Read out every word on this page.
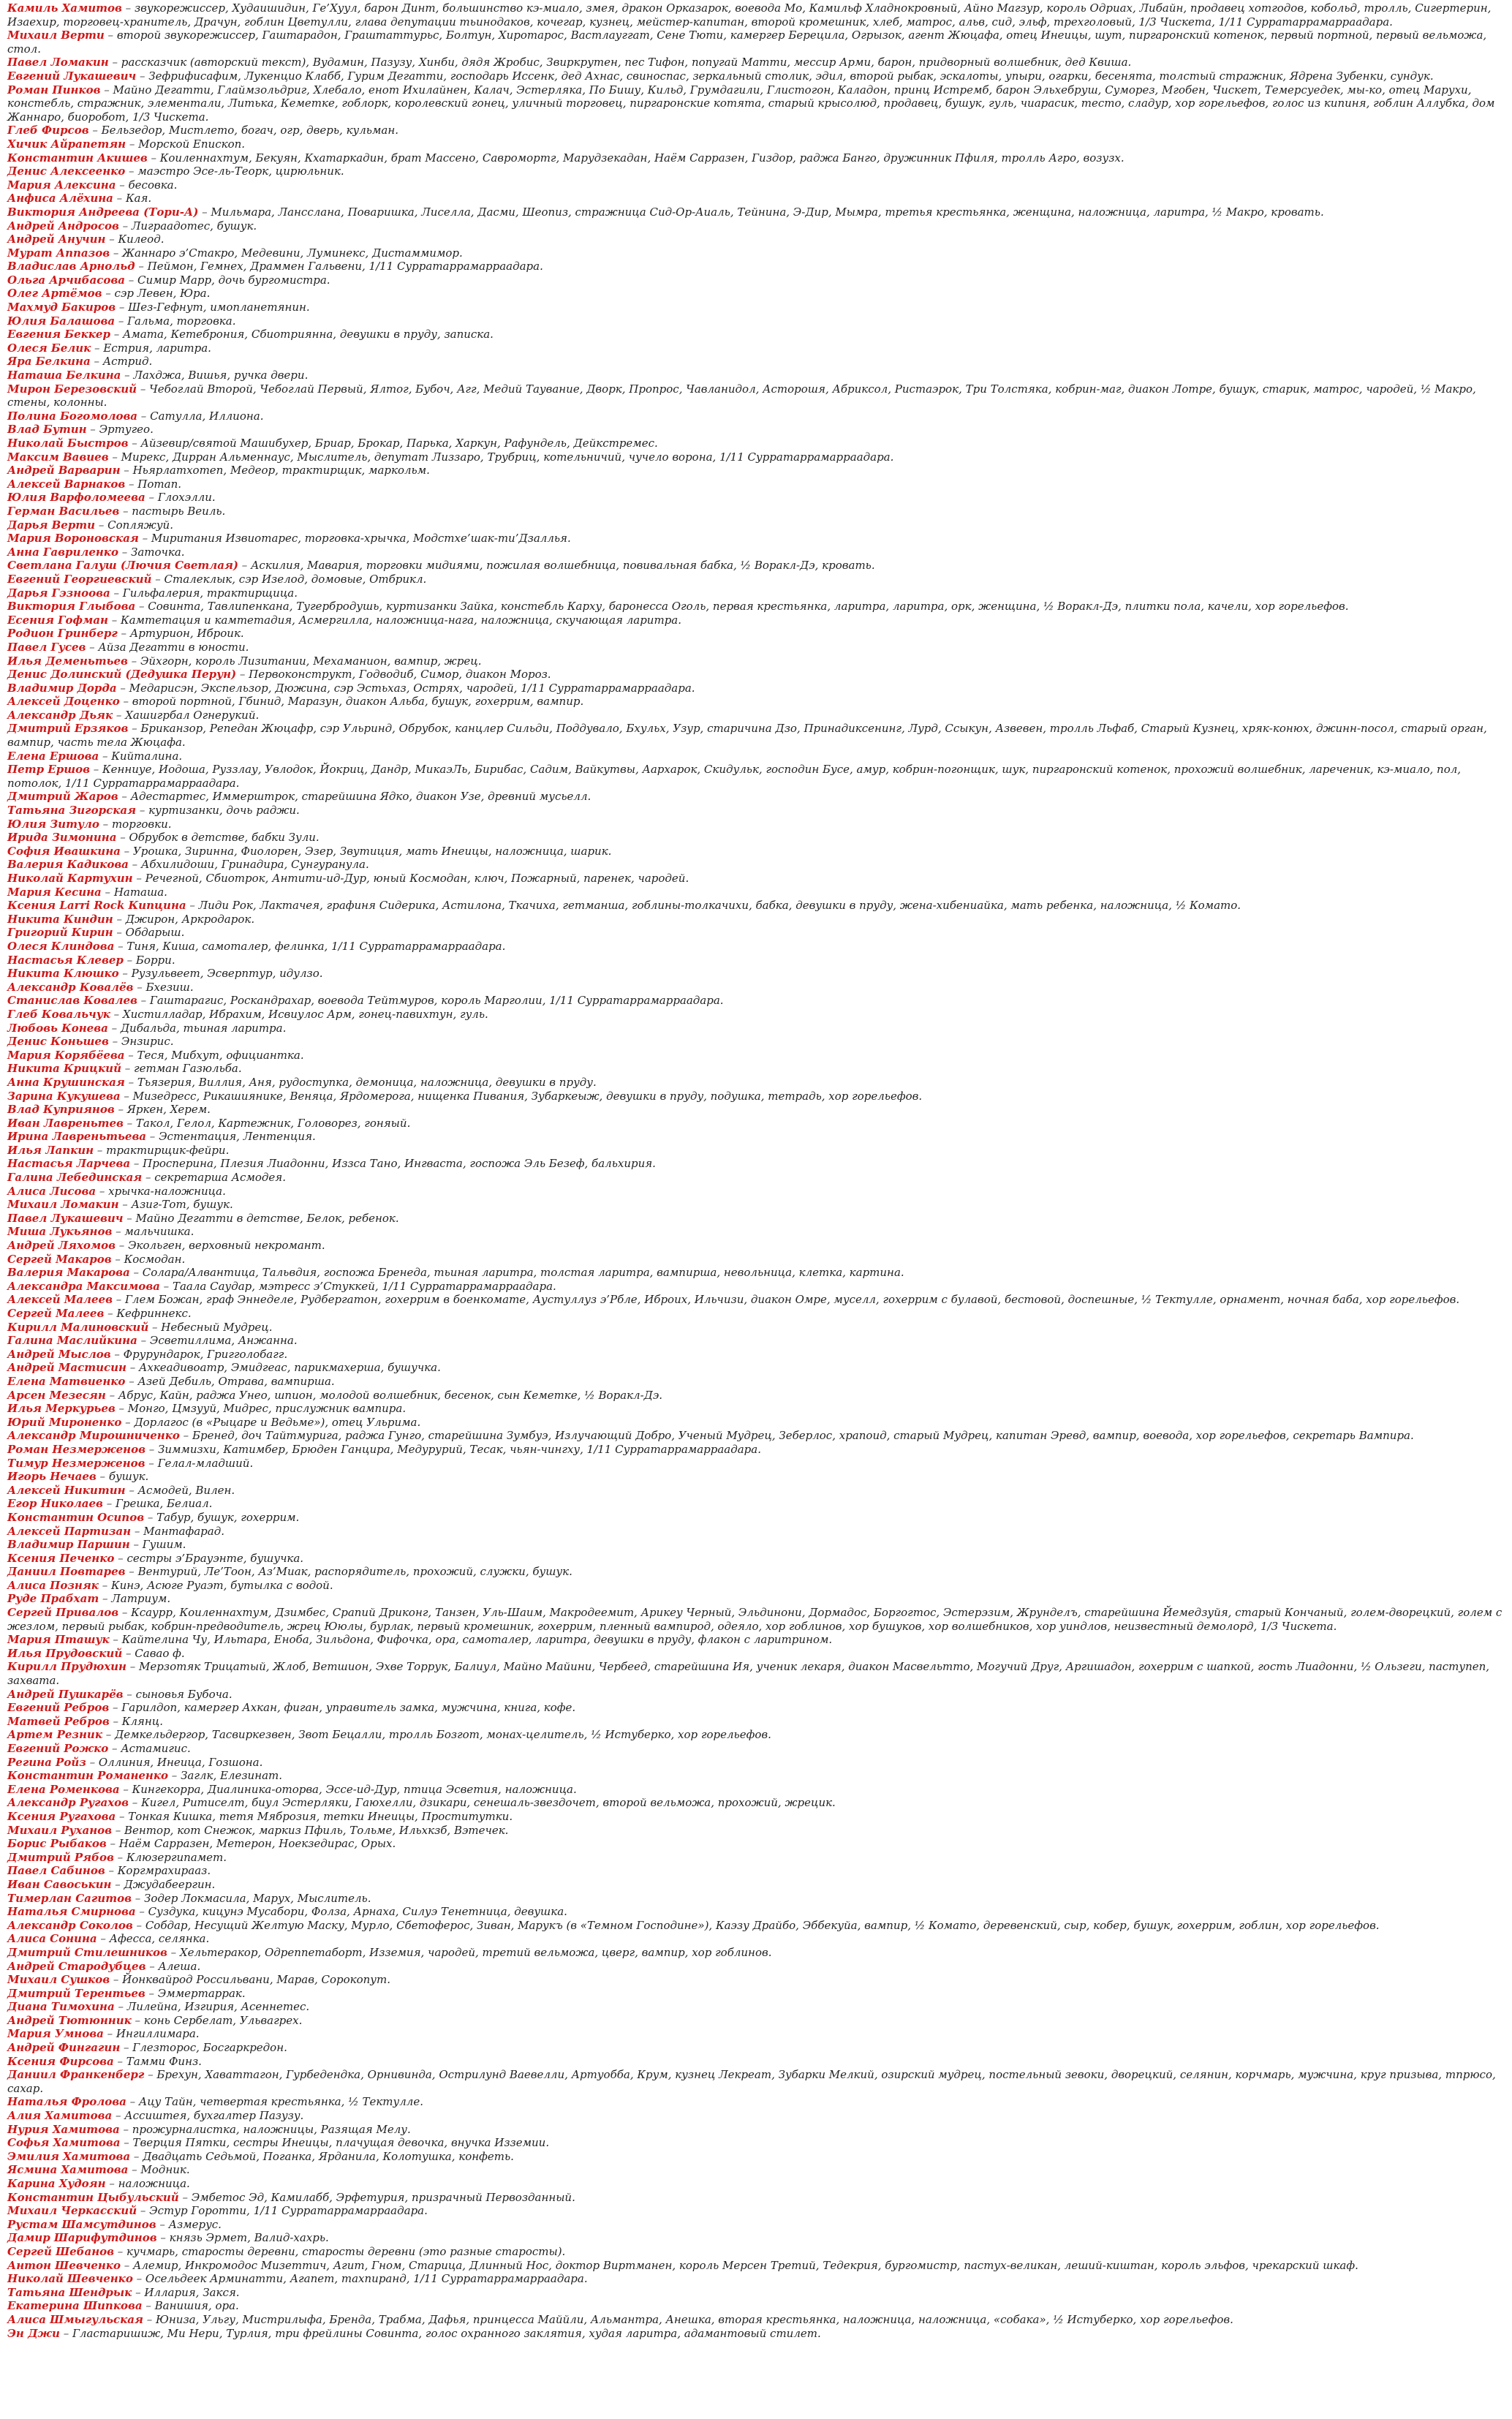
Камиль Хамитов – звукорежиссер, Худаишидин, Ге’Хуул, барон Динт, большинство кэ-миало, змея, дракон Орказарок, воевода Мо, Камильф Хладнокровный, Айно Магзур, король Одриах, Либайн, продавец хотгодов, кобольд, тролль, Сигертерин, Изаехир, торговец-хранитель, Драчун, гоблин Цветулли, глава депутации тьинодаков, кочегар, кузнец, мейстер-капитан, второй кромешник, хлеб, матрос, альв, сид, эльф, трехголовый, 1/3 Чискета, 1/11 Сурратаррамарраадара.

Михаил Верти – второй звукорежиссер, Гаштарадон, Граштаттурьс, Болтун, Хиротарос, Вастлауггат, Сене Тюти, камергер Берецила, Огрызок, агент Жюцафа, отец Инеицы, шут, пиргаронский котенок, первый портной, первый вельможа, стол.

Павел Ломакин – рассказчик (авторский текст), Вудамин, Пазузу, Хинби, дядя Жробис, Звиркрутен, пес Тифон, попугай Матти, мессир Арми, барон, придворный волшебник, дед Квиша.

Евгений Лукашевич – Зефрифисафим, Лукенцио Клабб, Гурим Дегатти, господарь Иссенк, дед Ахнас, свиноспас, зеркальный столик, эдил, второй рыбак, эскалоты, упыри, огарки, бесенята, толстый стражник, Ядрена Зубенки, сундук.

Роман Пинков – Майно Дегатти, Глаймзольдриг, Хлебало, енот Ихилайнен, Калач, Эстерляка, По Бишу, Кильд, Грумдагили, Глистогон, Каладон, принц Истремб, барон Эльхебруш, Суморез, Мгобен, Чискет, Темерсуедек, мы-ко, отец Марухи, констебль, стражник, элементали, Литька, Кеметке, гоблорк, королевский гонец, уличный торговец, пиргаронские котята, старый крысолюд, продавец, бушук, гуль, чиарасик, тесто, сладур, хор горельефов, голос из кипиня, гоблин Аллубка, дом Жаннаро, биоробот, 1/3 Чискета.

Глеб Фирсов – Бельзедор, Мистлето, богач, огр, дверь, кульман.

Хичик Айрапетян – Морской Епископ.

Константин Акишев – Коиленнахтум, Бекуян, Кхатаркадин, брат Массено, Савромортг, Марудзекадан, Наём Сарразен, Гиздор, раджа Банго, дружинник Пфиля, тролль Агро, возузх.

Денис Алексеенко – маэстро Эсе-ль-Теорк, цирюльник.

Мария Алексина – бесовка.

Анфиса Алёхина – Кая.

Виктория Андреева (Тори-А) – Мильмара, Лансслана, Поваришка, Лиселла, Дасми, Шеопиз, стражница Сид-Ор-Аиаль, Тейнина, Э-Дир, Мымра, третья крестьянка, женщина, наложница, ларитра, ½ Макро, кровать.

Андрей Андросов – Лиграадотес, бушук.

Андрей Анучин – Килеод.

Мурат Аппазов – Жаннаро э’Стакро, Медевини, Луминекс, Дистаммимор.

Владислав Арнольд – Пеймон, Гемнех, Драммен Гальвени, 1/11 Сурратаррамарраадара.

Ольга Арчибасова – Симир Марр, дочь бургомистра.

Олег Артёмов – сэр Левен, Юра.

Махмуд Бакиров – Шез-Гефнут, имопланетянин.

Юлия Балашова – Гальма, торговка.

Евгения Беккер – Амата, Кетеброния, Сбиотриянна, девушки в пруду, записка.

Олеся Белик – Естрия, ларитра.

Яра Белкина – Астрид.

Наташа Белкина – Лахджа, Вишья, ручка двери.

Мирон Березовский – Чебоглай Второй, Чебоглай Первый, Ялтог, Бубоч, Агг, Медий Таувание, Дворк, Пропрос, Чавланидол, Асторошя, Абриксол, Ристаэрок, Три Толстяка, кобрин-маг, диакон Лотре, бушук, старик, матрос, чародей, ½ Макро, стены, колонны.

Полина Богомолова – Сатулла, Иллиона.

Влад Бутин – Эртугео.

Николай Быстров – Айзевир/святой Машибухер, Бриар, Брокар, Парька, Харкун, Рафундель, Дейкстремес.

Максим Вавиев – Мирекс, Дирран Альменнаус, Мыслитель, депутат Лиззаро, Трубриц, котельничий, чучело ворона, 1/11 Сурратаррамарраадара.

Андрей Варварин – Ньярлатхотеп, Медеор, трактирщик, маркольм.

Алексей Варнаков – Потап.

Юлия Варфоломеева – Глохэлли.

Герман Васильев – пастырь Веиль.

Дарья Верти – Сопляжуй.

Мария Вороновская – Миритания Извиотарес, торговка-хрычка, Модстхе’шак-ти’Дзаллья.

Анна Гавриленко – Заточка.

Светлана Галуш (Лючия Светлая) – Аскилия, Мавария, торговки мидиями, пожилая волшебница, повивальная бабка, ½ Воракл-Дэ, кровать.

Евгений Георгиевский – Сталеклык, сэр Изелод, домовые, Отбрикл.

Дарья Гэзноова – Гильфалерия, трактирщица.

Виктория Глыбова – Совинта, Тавлипенкана, Тугербродушь, куртизанки Зайка, констебль Карху, баронесса Оголь, первая крестьянка, ларитра, ларитра, орк, женщина, ½ Воракл-Дэ, плитки пола, качели, хор горельефов.

Есения Гофман – Камтетация и камтетадия, Асмергилла, наложница-нага, наложница, скучающая ларитра.

Родион Гринберг – Артурион, Иброик.

Павел Гусев – Айза Дегатти в юности.

Илья Деменьтьев – Эйхгорн, король Лизитании, Мехаманион, вампир, жрец.

Денис Долинский (Дедушка Перун) – Первоконструкт, Годводиб, Симор, диакон Мороз.

Владимир Дорда – Медарисэн, Экспельзор, Дюжина, сэр Эстьхаз, Острях, чародей, 1/11 Сурратаррамарраадара.

Алексей Доценко – второй портной, Гбинид, Маразун, диакон Альба, бушук, гохеррим, вампир.

Александр Дьяк – Хашигрбал Огнерукий.

Дмитрий Ерзяков – Бриканзор, Репедан Жюцафр, сэр Ульринд, Обрубок, канцлер Сильди, Поддувало, Бхульх, Узур, старичина Дзо, Принадиксенинг, Лурд, Ссыкун, Азвевен, тролль Льфаб, Старый Кузнец, хряк-конюх, джинн-посол, старый орган, вампир, часть тела Жюцафа.

Елена Ершова – Кийталина.

Петр Ершов – Кенниуе, Иодоша, Руззлау, Увлодок, Йокриц, Дандр, МикаэЛь, Бирибас, Садим, Вайкутвы, Аархарок, Скидульк, господин Бусе, амур, кобрин-погонщик, шук, пиргаронский котенок, прохожий волшебник, лареченик, кэ-миало, пол, потолок, 1/11 Сурратаррамарраадара.

Дмитрий Жаров – Адестартес, Иммерштрок, старейшина Ядко, диакон Узе, древний мусьелл.

Татьяна Зигорская – куртизанки, дочь раджи.

Юлия Зитуло – торговки.

Ирида Зимонина – Обрубок в детстве, бабки Зули.

София Ивашкина – Урошка, Зиринна, Фиолорен, Эзер, Звутиция, мать Инеицы, наложница, шарик.

Валерия Кадикова – Абхилидоши, Гринадира, Сунгуранула.

Николай Картухин – Речегной, Сбиотрок, Антити-ид-Дур, юный Космодан, ключ, Пожарный, паренек, чародей.

Мария Кесина – Наташа.

Ксения Larri Rock Кипцина – Лиди Рок, Лактачея, графиня Сидерика, Астилона, Ткачиха, гетманша, гоблины-толкачихи, бабка, девушки в пруду, жена-хибениайка, мать ребенка, наложница, ½ Комато.

Никита Киндин – Джирон, Аркродарок.

Григорий Кирин – Обдарыш.

Олеся Клиндова – Тиня, Киша, самоталер, фелинка, 1/11 Сурратаррамарраадара.

Настасья Клевер – Борри.

Никита Клюшко – Рузульвеет, Эсверптур, идулзо.

Александр Ковалёв – Бхезиш.

Станислав Ковалев – Гаштарагис, Роскандрахар, воевода Тейтмуров, король Марголии, 1/11 Сурратаррамарраадара.

Глеб Ковальчук – Хистилладар, Ибрахим, Исвиулос Арм, гонец-павихтун, гуль.

Любовь Конева – Дибальда, тьиная ларитра.

Денис Коньшев – Энзирис.

Мария Корябёева – Теся, Мибхут, официантка.

Никита Крицкий – гетман Газюльба.

Анна Крушинская – Тьязерия, Виллия, Аня, рудоступка, демоница, наложница, девушки в пруду.

Зарина Кукушева – Мизедресс, Рикашиянике, Веняца, Ярдомерога, нищенка Пивания, Зубаркеыж, девушки в пруду, подушка, тетрадь, хор горельефов.

Влад Куприянов – Яркен, Херем.

Иван Лавреньтев – Такол, Гелол, Картежник, Головорез, гоняый.

Ирина Лавреньтьева – Эстентация, Лентенция.

Илья Лапкин – трактирщик-фейри.

Настасья Ларчева – Просперина, Плезия Лиадонни, Иззса Тано, Ингваста, госпожа Эль Безеф, бальхирия.

Галина Лебединская – секретарша Асмодея.

Алиса Лисова – хрычка-наложница.

Михаил Ломакин – Азиг-Тот, бушук.

Павел Лукашевич – Майно Дегатти в детстве, Белок, ребенок.

Миша Лукьянов – мальчишка.

Андрей Ляхомов – Экольген, верховный некромант.

Сергей Макаров – Космодан.

Валерия Макарова – Солара/Алвантица, Тальвдия, госпожа Бренеда, тьиная ларитра, толстая ларитра, вампирша, невольница, клетка, картина.

Александра Максимова – Таала Саудар, мэтресс э’Стуккей, 1/11 Сурратаррамарраадара.

Алексей Малеев – Глем Божан, граф Эннеделе, Рудбергатон, гохеррим в боенкомате, Аустуллуз э’Рбле, Иброих, Ильчизи, диакон Омре, муселл, гохеррим с булавой, бестовой, доспешные, ½ Тектулле, орнамент, ночная баба, хор горельефов.

Сергей Малеев – Кефриннекс.

Кирилл Малиновский – Небесный Мудрец.

Галина Маслийкина – Эсветиллима, Анжанна.

Андрей Мыслов – Фрурундарок, Григголобагг.

Андрей Мастисин – Ахкеадивоатр, Эмидгеас, парикмахерша, бушучка.

Елена Матвиенко – Азей Дебиль, Отрава, вампирша.

Арсен Мезесян – Абрус, Кайн, раджа Унео, шпион, молодой волшебник, бесенок, сын Кеметке, ½ Воракл-Дэ.

Илья Меркурьев – Монго, Цмзууй, Мидрес, прислужник вампира.

Юрий Мироненко – Дорлагос (в «Рыцаре и Ведьме»), отец Ульрима.

Александр Мирошниченко – Бренед, доч Тайтмурига, раджа Гунго, старейшина Зумбуэ, Излучающий Добро, Ученый Мудрец, Зеберлос, храпоид, старый Мудрец, капитан Эревд, вампир, воевода, хор горельефов, секретарь Вампира.

Роман Незмерженов – Зиммизхи, Катимбер, Брюден Ганцира, Медурурий, Тесак, чьян-чингху, 1/11 Сурратаррамарраадара.

Тимур Незмерженов – Гелал-младший.

Игорь Нечаев – бушук.

Алексей Никитин – Асмодей, Вилен.

Егор Николаев – Грешка, Белиал.

Константин Осипов – Табур, бушук, гохеррим.

Алексей Партизан – Мантафарад.

Владимир Паршин – Гушим.

Ксения Печенко – сестры э’Брауэнте, бушучка.

Даниил Повтарев – Вентурий, Ле’Тоон, Аз’Миак, распорядитель, прохожий, служки, бушук.

Алиса Позняк – Кинэ, Асюге Руаэт, бутылка с водой.

Руде Прабхат – Латриум.

Сергей Привалов – Ксаурр, Коиленнахтум, Дзимбес, Срапий Дриконг, Танзен, Уль-Шаим, Макродеемит, Арикеу Черный, Эльдинони, Дормадос, Боргогтос, Эстерэзим, Жрунделъ, старейшина Йемедзуйя, старый Кончаный, голем-дворецкий, голем с жезлом, первый рыбак, кобрин-предводитель, жрец Ююлы, бурлак, первый кромешник, гохеррим, пленный вампирод, одеяло, хор гоблинов, хор бушуков, хор волшебников, хор уиндлов, неизвестный демолорд, 1/3 Чискета.

Мария Пташук – Кайтелина Чу, Ильтара, Еноба, Зильдона, Фифочка, ора, самоталер, ларитра, девушки в пруду, флакон с ларитрином.

Илья Прудовский – Савао ф.

Кирилл Прудюхин – Мерзотяк Трицатый, Жлоб, Ветшион, Эхве Торрук, Балиул, Майно Майини, Чербеед, старейшина Ия, ученик лекаря, диакон Масвельтто, Могучий Друг, Аргишадон, гохеррим с шапкой, гость Лиадонни, ½ Ользеги, паступеп, захвата.

Андрей Пушкарёв – сыновья Бубоча.

Евгений Ребров – Гарилдоп, камергер Ахкан, фиган, управитель замка, мужчина, книга, кофе.

Матвей Ребров – Клянц.

Артем Резник – Демкельдергор, Тасвиркезвен, Звот Бецалли, тролль Бозгот, монах-целитель, ½ Истуберко, хор горельефов.

Евгений Рожко – Астамигис.

Регина Ройз – Оллиния, Инеица, Гозшона.

Константин Романенко – Заглк, Елезинат.

Елена Роменкова – Кингекорра, Диалиника-оторва, Эссе-ид-Дур, птица Эсветия, наложница.

Александр Ругахов – Кигел, Ритиселт, биул Эстерляки, Гаюхелли, дзикари, сенешаль-звездочет, второй вельможа, прохожий, жрецик.

Ксения Ругахова – Тонкая Кишка, тетя Мяброзия, тетки Инеицы, Проститутки.

Михаил Руханов – Вентор, кот Снежок, маркиз Пфиль, Тольме, Ильхкзб, Вэтечек.

Борис Рыбаков – Наём Сарразен, Метерон, Ноекзедирас, Орых.

Дмитрий Рябов – Клюзергипамет.

Павел Сабинов – Коргмрахирааз.

Иван Савоськин – Джудабеергин.

Тимерлан Сагитов – Зодер Локмасила, Марух, Мыслитель.

Наталья Смирнова – Суздука, кицунэ Мусабори, Фолза, Арнаха, Силуэ Тенетница, девушка.

Александр Соколов – Собдар, Несущий Желтую Маску, Мурло, Сбетоферос, Зиван, Марукъ (в «Темном Господине»), Каэзу Драйбо, Эббекуйа, вампир, ½ Комато, деревенский, сыр, кобер, бушук, гохеррим, гоблин, хор горельефов.

Алиса Сонина – Афесса, селянка.

Дмитрий Стилешников – Хельтеракор, Одреппетаборт, Изземия, чародей, третий вельможа, цверг, вампир, хор гоблинов.

Андрей Стародубцев – Алеша.

Михаил Сушков – Йонквайрод Россильвани, Марав, Сорокопут.

Дмитрий Терентьев – Эммертаррак.

Диана Тимохина – Лилейна, Изгирия, Асеннетес.

Андрей Тютюнник – конь Сербелат, Ульвагрех.

Мария Умнова – Ингиллимара.

Андрей Фингагин – Глезторос, Босгаркредон.

Ксения Фирсова – Тамми Финз.

Даниил Франкенберг – Брехун, Хаваттагон, Гурбедендка, Орнивинда, Острилунд Ваевелли, Артуобба, Крум, кузнец Лекреат, Зубарки Мелкий, озирский мудрец, постельный зевоки, дворецкий, селянин, корчмарь, мужчина, круг призыва, тпрюсо, сахар.

Наталья Фролова – Ацу Тайн, четвертая крестьянка, ½ Тектулле.

Алия Хамитова – Ассиштея, бухгалтер Пазузу.

Нурия Хамитова – прожурналистка, наложницы, Разящая Мелу.

Софья Хамитова – Тверция Пятки, сестры Инеицы, плачущая девочка, внучка Изземии.

Эмилия Хамитова – Двадцать Седьмой, Поганка, Ярданила, Колотушка, конфеть.

Ясмина Хамитова – Модник.

Карина Худоян – наложница.

Константин Цыбульский – Эмбетос Эд, Камилабб, Эрфетурия, призрачный Первозданный.

Михаил Черкасский – Эстур Горотти, 1/11 Сурратаррамарраадара.

Рустам Шамсутдинов – Азмерус.

Дамир Шарифутдинов – князь Эрмет, Валид-хахрь.

Сергей Шебанов – кучмарь, старосты деревни, старосты деревни (это разные старосты).

Антон Шевченко – Алемир, Инкромодос Мизеттич, Агит, Гном, Старица, Длинный Нос, доктор Виртманен, король Мерсен Третий, Тедекрия, бургомистр, пастух-великан, леший-киштан, король эльфов, чрекарский шкаф.

Николай Шевченко – Осельдеек Арминатти, Агапет, тахпиранд, 1/11 Сурратаррамарраадара.

Татьяна Шендрык – Иллария, Закся.

Екатерина Шипкова – Ванишия, ора.

Алиса Шмыгульская – Юниза, Ульгу, Мистрилыфа, Бренда, Трабма, Дафья, принцесса Маййли, Альмантра, Анешка, вторая крестьянка, наложница, наложница, «собака», ½ Истуберко, хор горельефов.

Эн Джи – Гластаришиж, Ми Нери, Турлия, три фрейлины Совинта, голос охранного заклятия, худая ларитра, адамантовый стилет.
